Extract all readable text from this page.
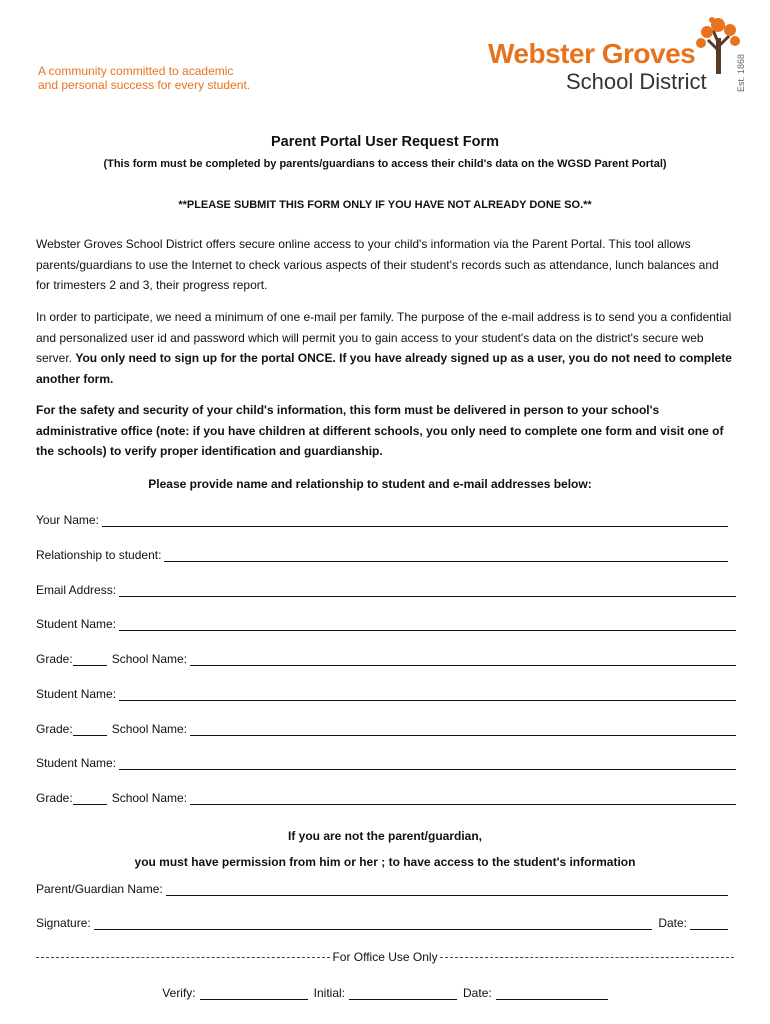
A community committed to academic
and personal success for every student.
Webster Groves
School District	Est. 1868
Parent Portal User Request Form
(This form must be completed by parents/guardians to access their child's data on the WGSD Parent Portal)
**PLEASE SUBMIT THIS FORM ONLY IF YOU HAVE NOT ALREADY DONE SO.**
Webster Groves School District offers secure online access to your child's information via the Parent Portal. This tool allows parents/guardians to use the Internet to check various aspects of their student's records such as attendance, lunch balances and for trimesters 2 and 3, their progress report.
In order to participate, we need a minimum of one e-mail per family. The purpose of the e-mail address is to send you a confidential and personalized user id and password which will permit you to gain access to your student's data on the district's secure web server. You only need to sign up for the portal ONCE. If you have already signed up as a user, you do not need to complete another form.
For the safety and security of your child's information, this form must be delivered in person to your school's administrative office (note: if you have children at different schools, you only need to complete one form and visit one of the schools) to verify proper identification and guardianship.
Please provide name and relationship to student and e-mail addresses below:
Your Name:
Relationship to student:
Email Address:
Student Name:
Grade:	School Name:
Student Name:
Grade:	School Name:
Student Name:
Grade:	School Name:
If you are not the parent/guardian,
you must have permission from him or her ; to have access to the student's information
Parent/Guardian Name:
Signature:	Date:
For Office Use Only
Verify:	Initial:	Date:
